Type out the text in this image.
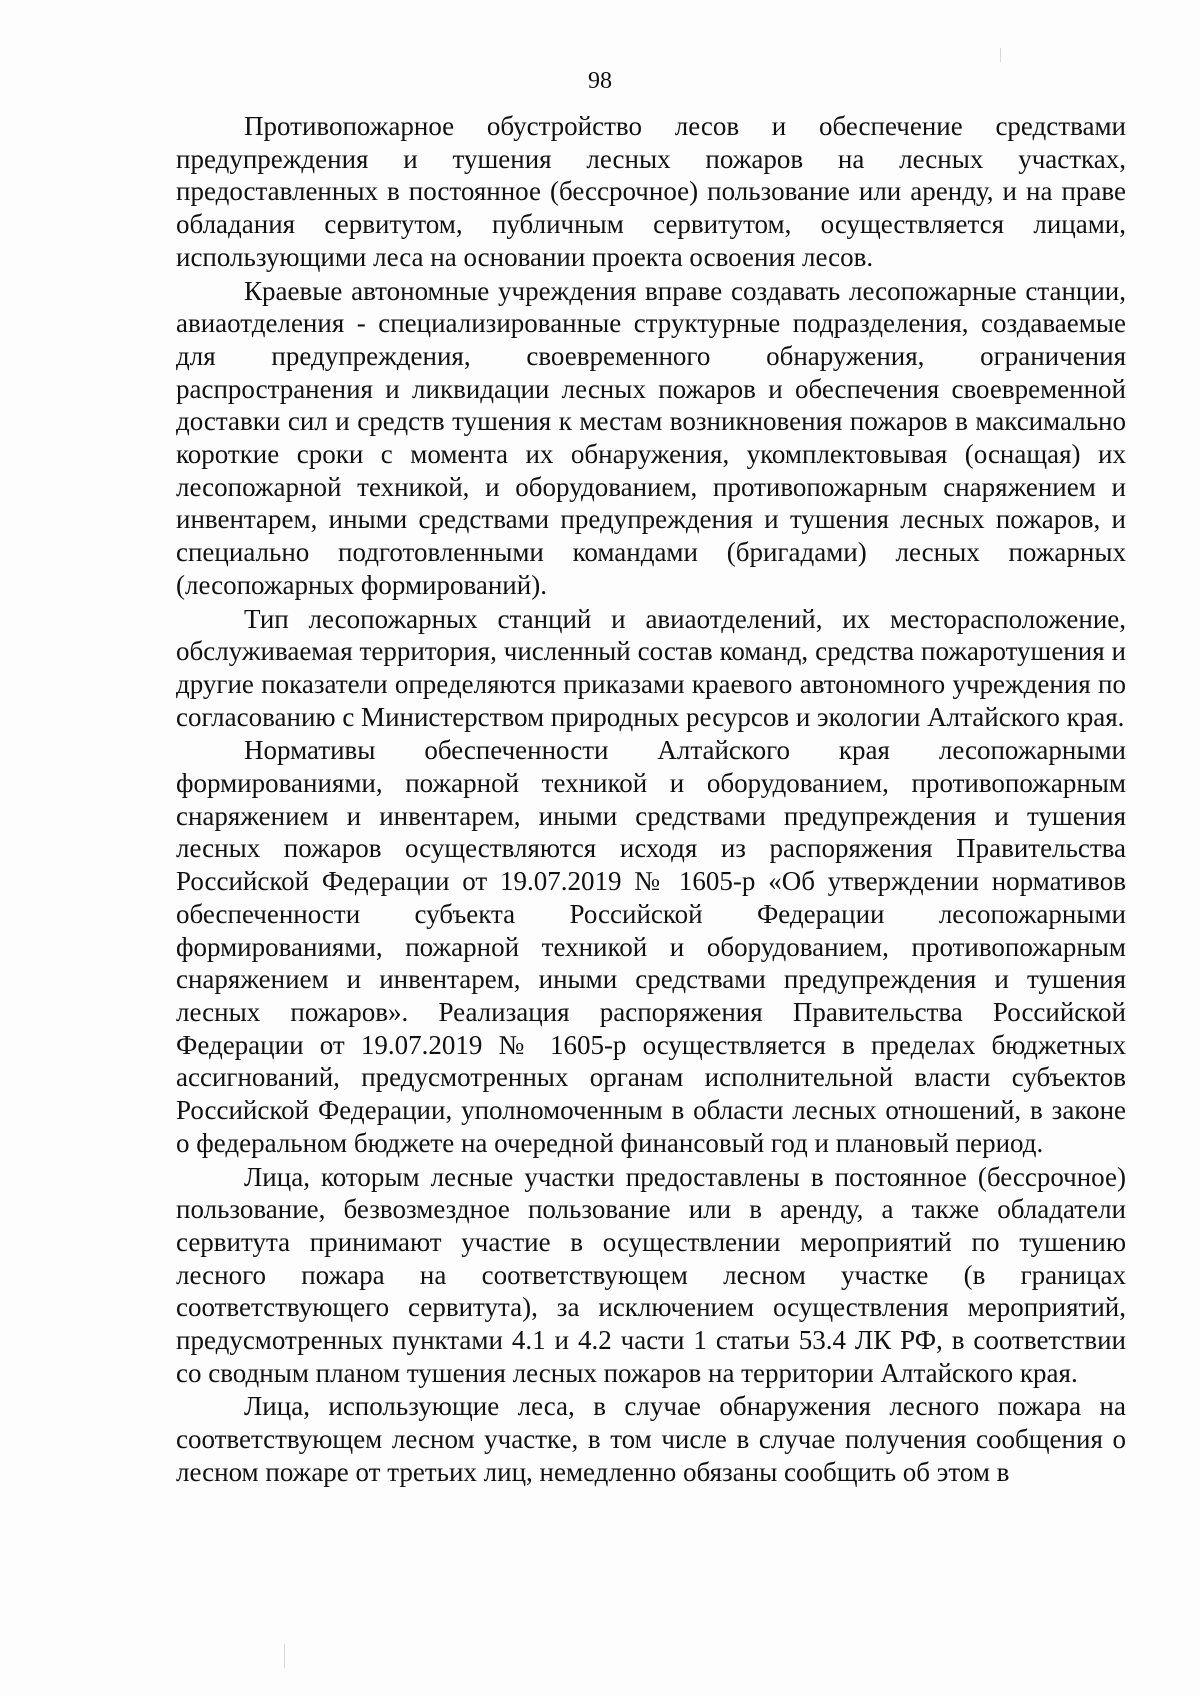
98

Противопожарное обустройство лесов и обеспечение средствами предупреждения и тушения лесных пожаров на лесных участках, предоставленных в постоянное (бессрочное) пользование или аренду, и на праве обладания сервитутом, публичным сервитутом, осуществляется лицами, использующими леса на основании проекта освоения лесов.

Краевые автономные учреждения вправе создавать лесопожарные станции, авиаотделения - специализированные структурные подразделения, создаваемые для предупреждения, своевременного обнаружения, ограничения распространения и ликвидации лесных пожаров и обеспечения своевременной доставки сил и средств тушения к местам возникновения пожаров в максимально короткие сроки с момента их обнаружения, укомплектовывая (оснащая) их лесопожарной техникой, и оборудованием, противопожарным снаряжением и инвентарем, иными средствами предупреждения и тушения лесных пожаров, и специально подготовленными командами (бригадами) лесных пожарных (лесопожарных формирований).

Тип лесопожарных станций и авиаотделений, их месторасположение, обслуживаемая территория, численный состав команд, средства пожаротушения и другие показатели определяются приказами краевого автономного учреждения по согласованию с Министерством природных ресурсов и экологии Алтайского края.

Нормативы обеспеченности Алтайского края лесопожарными формированиями, пожарной техникой и оборудованием, противопожарным снаряжением и инвентарем, иными средствами предупреждения и тушения лесных пожаров осуществляются исходя из распоряжения Правительства Российской Федерации от 19.07.2019 № 1605-р «Об утверждении нормативов обеспеченности субъекта Российской Федерации лесопожарными формированиями, пожарной техникой и оборудованием, противопожарным снаряжением и инвентарем, иными средствами предупреждения и тушения лесных пожаров». Реализация распоряжения Правительства Российской Федерации от 19.07.2019 № 1605-р осуществляется в пределах бюджетных ассигнований, предусмотренных органам исполнительной власти субъектов Российской Федерации, уполномоченным в области лесных отношений, в законе о федеральном бюджете на очередной финансовый год и плановый период.

Лица, которым лесные участки предоставлены в постоянное (бессрочное) пользование, безвозмездное пользование или в аренду, а также обладатели сервитута принимают участие в осуществлении мероприятий по тушению лесного пожара на соответствующем лесном участке (в границах соответствующего сервитута), за исключением осуществления мероприятий, предусмотренных пунктами 4.1 и 4.2 части 1 статьи 53.4 ЛК РФ, в соответствии со сводным планом тушения лесных пожаров на территории Алтайского края.

Лица, использующие леса, в случае обнаружения лесного пожара на соответствующем лесном участке, в том числе в случае получения сообщения о лесном пожаре от третьих лиц, немедленно обязаны сообщить об этом в
